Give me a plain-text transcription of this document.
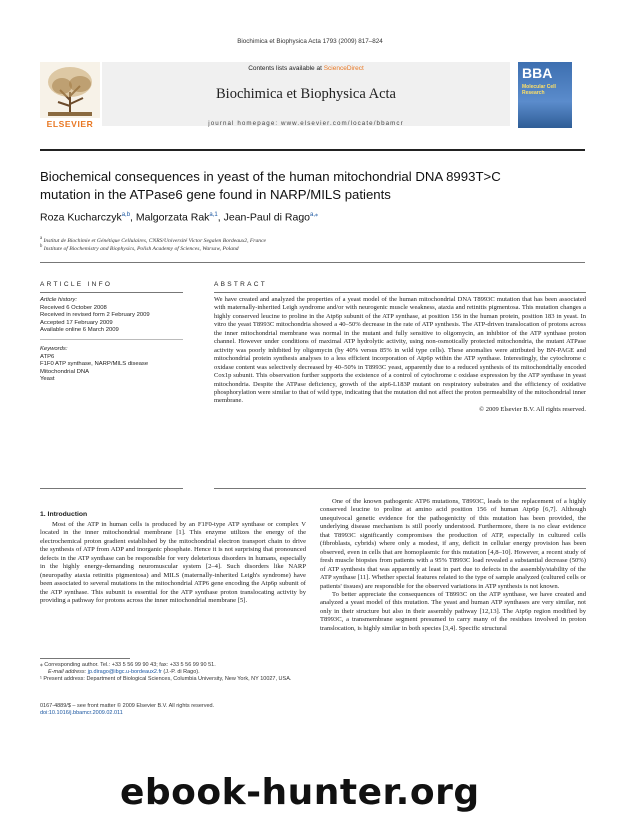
Biochimica et Biophysica Acta 1793 (2009) 817–824
Contents lists available at ScienceDirect
Biochimica et Biophysica Acta
journal homepage: www.elsevier.com/locate/bbamcr
ELSEVIER
BBA
Molecular Cell
Research
Biochemical consequences in yeast of the human mitochondrial DNA 8993T>C
mutation in the ATPase6 gene found in NARP/MILS patients
Roza Kucharczyk$^{a,b}$, Malgorzata Rak$^{a,1}$, Jean-Paul di Rago$^{a,⁎}$
$^a$ Institut de Biochimie et Génétique Cellulaires, CNRS/Université Victor Segalen Bordeaux2, France
$^b$ Institute of Biochemistry and Biophysics, Polish Academy of Sciences, Warsaw, Poland
ARTICLE INFO
Article history:
Received 6 October 2008
Received in revised form 2 February 2009
Accepted 17 February 2009
Available online 6 March 2009
Keywords:
ATP6
F1F0 ATP synthase, NARP/MILS disease
Mitochondrial DNA
Yeast
ABSTRACT
We have created and analyzed the properties of a yeast model of the human mitochondrial DNA T8993C mutation that has been associated with maternally-inherited Leigh syndrome and/or with neurogenic muscle weakness, ataxia and retinitis pigmentosa. This mutation changes a highly conserved leucine to proline in the Atp6p subunit of the ATP synthase, at position 156 in the human protein, position 183 in yeast. In vitro the yeast T8993C mitochondria showed a 40–50% decrease in the rate of ATP synthesis. The ATP-driven translocation of protons across the inner mitochondrial membrane was normal in the mutant and fully sensitive to oligomycin, an inhibitor of the ATP synthase proton channel. However under conditions of maximal ATP hydrolytic activity, using non-osmotically protected mitochondria, the mutant ATPase activity was poorly inhibited by oligomycin (by 40% versus 85% in wild type cells). These anomalies were attributed by BN-PAGE and mitochondrial protein synthesis analyses to a less efficient incorporation of Atp6p within the ATP synthase. Interestingly, the cytochrome c oxidase content was selectively decreased by 40–50% in T8993C yeast, apparently due to a reduced synthesis of its mitochondrially encoded Cox1p subunit. This observation further supports the existence of a control of cytochrome c oxidase expression by the ATP synthase in yeast mitochondria. Despite the ATPase deficiency, growth of the atp6-L183P mutant on respiratory substrates and the efficiency of oxidative phosphorylation were similar to that of wild type, indicating that the mutation did not affect the proton permeability of the mitochondrial inner membrane.
© 2009 Elsevier B.V. All rights reserved.
1. Introduction

Most of the ATP in human cells is produced by an F1F0-type ATP synthase or complex V located in the inner mitochondrial membrane [1]. This enzyme utilizes the energy of the electrochemical proton gradient established by the mitochondrial electron transport chain to drive the synthesis of ATP from ADP and inorganic phosphate. Hence it is not surprising that pronounced defects in the ATP synthase can be responsible for very deleterious disorders in humans, especially in the highly energy-demanding neuromuscular system [2–4]. Such disorders like NARP (neuropathy ataxia retinitis pigmentosa) and MILS (maternally-inherited Leigh's syndrome) have been associated to several mutations in the mitochondrial ATP6 gene encoding the Atp6p subunit of the ATP synthase. This subunit is essential for the ATP synthase proton translocating activity by providing a pathway for protons across the inner mitochondrial membrane [5].

One of the known pathogenic ATP6 mutations, T8993C, leads to the replacement of a highly conserved leucine to proline at amino acid position 156 of human Atp6p [6,7]. Although unequivocal genetic evidence for the pathogenicity of this mutation has been provided, the underlying disease mechanism is still poorly understood. Furthermore, there is no clear evidence that T8993C significantly compromises the production of ATP, especially in cultured cells (fibroblasts, cybrids) where only a modest, if any, deficit in cellular energy provision has been observed, even in cells that are homoplasmic for this mutation [4,8–10]. However, a recent study of fresh muscle biopsies from patients with a 95% T8993C load revealed a substantial decrease (50%) of ATP synthesis that was apparently at least in part due to defects in the assembly/stability of the ATP synthase [11]. Whether special features related to the type of sample analyzed (cultured cells or patients' tissues) are responsible for the observed variations in ATP synthesis is not known.

To better appreciate the consequences of T8993C on the ATP synthase, we have created and analyzed a yeast model of this mutation. The yeast and human ATP synthases are very similar, not only in their structure but also in their assembly pathway [12,13]. The Atp6p region modified by T8993C, a transmembrane segment presumed to carry many of the residues involved in proton translocation, is highly similar in both species [3,4]. Specific structural

⁎ Corresponding author. Tel.: +33 5 56 99 90 43; fax: +33 5 56 99 90 51.
E-mail address: jp.dirago@ibgc.u-bordeaux2.fr (J.-P. di Rago).
¹ Present address: Department of Biological Sciences, Columbia University, New York, NY 10027, USA.
0167-4889/$ – see front matter © 2009 Elsevier B.V. All rights reserved.
doi:10.1016/j.bbamcr.2009.02.011
ebook-hunter.org
